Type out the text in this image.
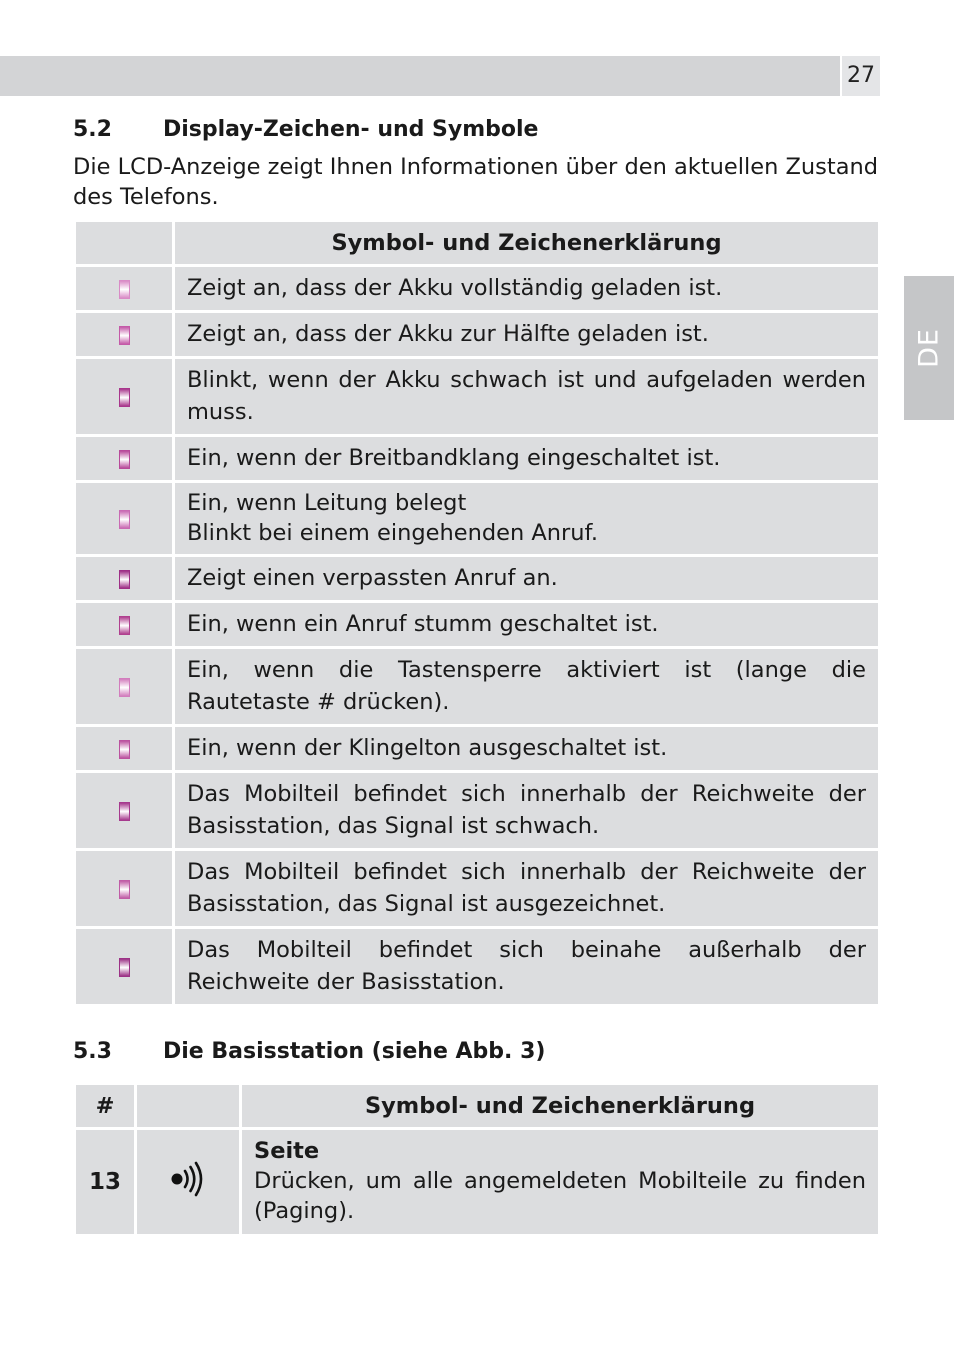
27
DE
5.2 Display-Zeichen- und Symbole
Die LCD-Anzeige zeigt Ihnen Informationen über den aktuellen Zustand des Telefons.
	Symbol- und Zeichenerklärung

	Zeigt an, dass der Akku vollständig geladen ist.

	Zeigt an, dass der Akku zur Hälfte geladen ist.

	Blinkt, wenn der Akku schwach ist und aufgeladen werden muss.

	Ein, wenn der Breitbandklang eingeschaltet ist.

	Ein, wenn Leitung belegt
Blinkt bei einem eingehenden Anruf.

	Zeigt einen verpassten Anruf an.

	Ein, wenn ein Anruf stumm geschaltet ist.

	Ein, wenn die Tastensperre aktiviert ist (lange die Rautetaste # drücken).

	Ein, wenn der Klingelton ausgeschaltet ist.

	Das Mobilteil befindet sich innerhalb der Reichweite der Basisstation, das Signal ist schwach.

	Das Mobilteil befindet sich innerhalb der Reichweite der Basisstation, das Signal ist ausgezeichnet.

	Das Mobilteil befindet sich beinahe außerhalb der Reichweite der Basisstation.
5.3 Die Basisstation (siehe Abb. 3)
#		Symbol- und Zeichenerklärung
13		Seite
Drücken, um alle angemeldeten Mobilteile zu finden (Paging).
